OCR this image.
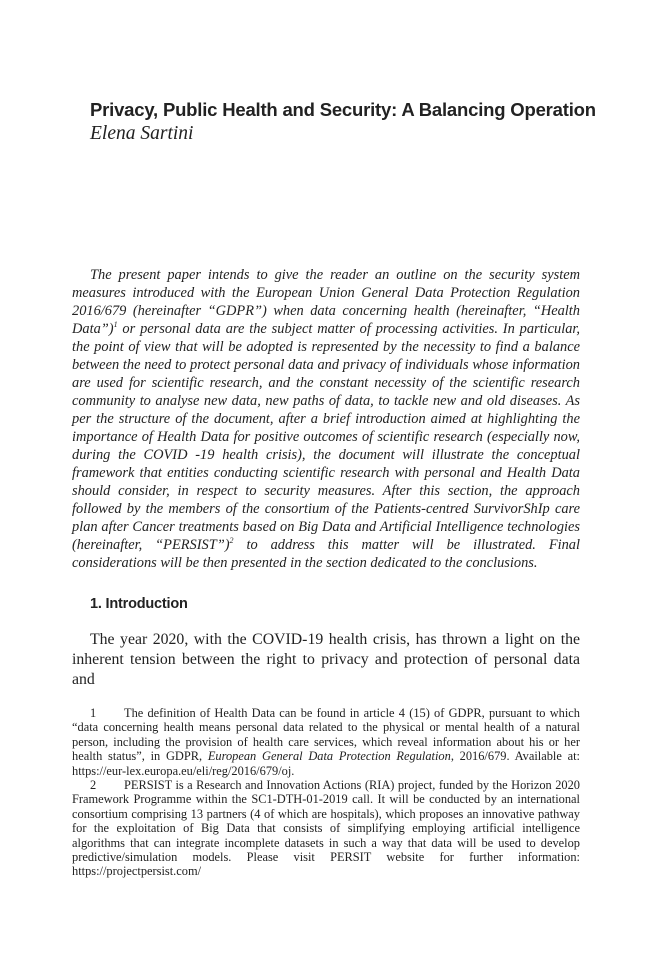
Privacy, Public Health and Security: A Balancing Operation

Elena Sartini

The present paper intends to give the reader an outline on the security system measures introduced with the European Union General Data Protection Regulation 2016/679 (hereinafter “GDPR”) when data concerning health (hereinafter, “Health Data”)$^1$ or personal data are the subject matter of processing activities. In particular, the point of view that will be adopted is represented by the necessity to find a balance between the need to protect personal data and privacy of individuals whose information are used for scientific research, and the constant necessity of the scientific research community to analyse new data, new paths of data, to tackle new and old diseases. As per the structure of the document, after a brief introduction aimed at highlighting the importance of Health Data for positive outcomes of scientific research (especially now, during the COVID -19 health crisis), the document will illustrate the conceptual framework that entities conducting scientific research with personal and Health Data should consider, in respect to security measures. After this section, the approach followed by the members of the consortium of the Patients-centred SurvivorShIp care plan after Cancer treatments based on Big Data and Artificial Intelligence technologies (hereinafter, “PERSIST”)$^2$ to address this matter will be illustrated. Final considerations will be then presented in the section dedicated to the conclusions.

1. Introduction

The year 2020, with the COVID-19 health crisis, has thrown a light on the inherent tension between the right to privacy and protection of personal data and

1 The definition of Health Data can be found in article 4 (15) of GDPR, pursuant to which “data concerning health means personal data related to the physical or mental health of a natural person, including the provision of health care services, which reveal information about his or her health status”, in GDPR, European General Data Protection Regulation, 2016/679. Available at: https://eur-lex.europa.eu/eli/reg/2016/679/oj.

2 PERSIST is a Research and Innovation Actions (RIA) project, funded by the Horizon 2020 Framework Programme within the SC1-DTH-01-2019 call. It will be conducted by an international consortium comprising 13 partners (4 of which are hospitals), which proposes an innovative pathway for the exploitation of Big Data that consists of simplifying employing artificial intelligence algorithms that can integrate incomplete datasets in such a way that data will be used to develop predictive/simulation models. Please visit PERSIT website for further information: https://projectpersist.com/
